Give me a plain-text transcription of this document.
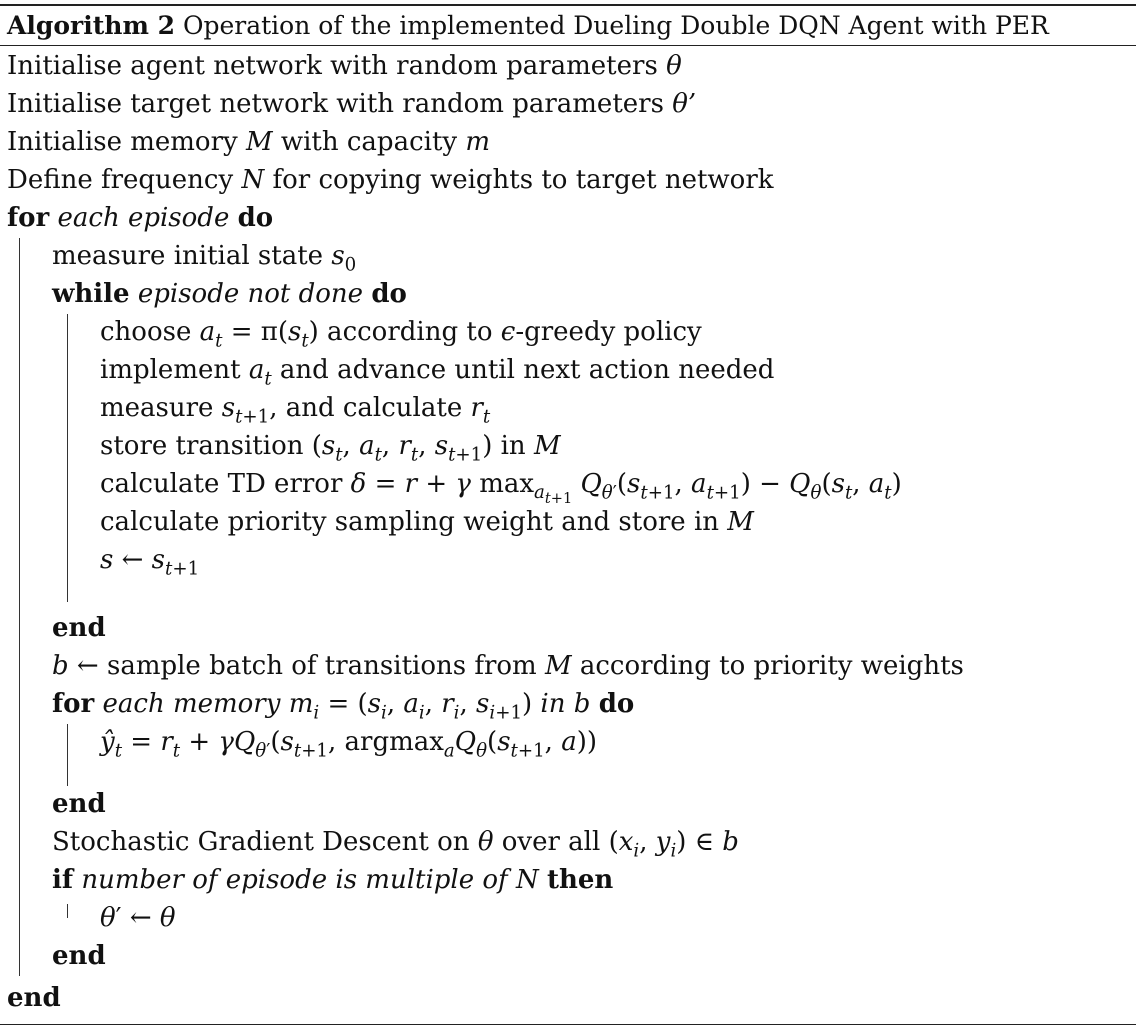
Algorithm 2 Operation of the implemented Dueling Double DQN Agent with PER
Initialise agent network with random parameters θ
Initialise target network with random parameters θ’
Initialise memory M with capacity m
Define frequency N for copying weights to target network
for each episode do
measure initial state $s_0$
while episode not done do
choose $a_t = \pi(s_t)$ according to ϵ-greedy policy
implement $a_t$ and advance until next action needed
measure $s_{t+1}$, and calculate $r_t$
store transition ($s_t$, $a_t$, $r_t$, $s_{t+1}$) in M
calculate TD error δ = r + γ $\max_{a_{t+1}} Q_{\theta'}(s_{t+1}$, $a_{t+1}) - Q_\theta(s_t$, $a_t$)
calculate priority sampling weight and store in M
s ← $s_{t+1}$
end
b ← sample batch of transitions from M according to priority weights
for each memory $m_i = (s_i$, $a_i$, $r_i$, $s_{i+1}$) in b do
$ŷ_t = r_t + \gamma Q_{\theta'}(s_{t+1}$, $argmax_aQ_\theta(s_{t+1}$, a))
end
Stochastic Gradient Descent on θ over all ($x_i$, $y_i$) ∈ b
if number of episode is multiple of N then
θ′ ← θ
end
end
